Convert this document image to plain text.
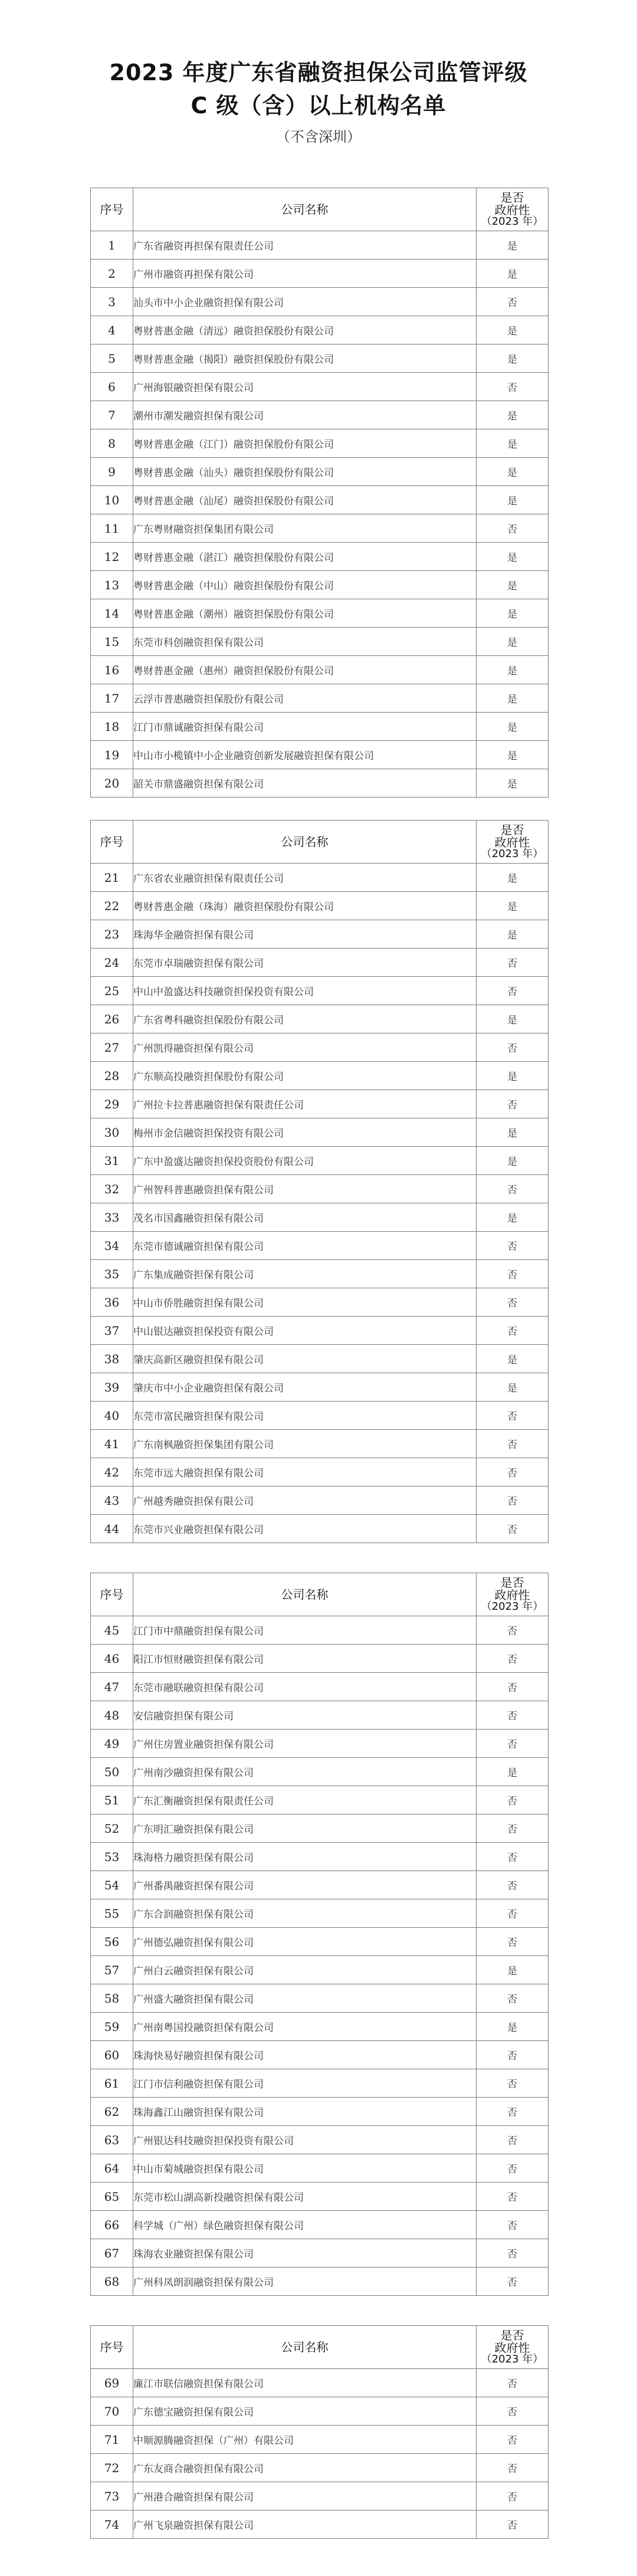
2023 年度广东省融资担保公司监管评级
C 级（含）以上机构名单
（不含深圳）
序号	公司名称	是否
政府性
（2023 年）

1	广东省融资再担保有限责任公司	是
2	广州市融资再担保有限公司	是
3	汕头市中小企业融资担保有限公司	否
4	粤财普惠金融（清远）融资担保股份有限公司	是
5	粤财普惠金融（揭阳）融资担保股份有限公司	是
6	广州海银融资担保有限公司	否
7	潮州市潮发融资担保有限公司	是
8	粤财普惠金融（江门）融资担保股份有限公司	是
9	粤财普惠金融（汕头）融资担保股份有限公司	是
10	粤财普惠金融（汕尾）融资担保股份有限公司	是
11	广东粤财融资担保集团有限公司	否
12	粤财普惠金融（湛江）融资担保股份有限公司	是
13	粤财普惠金融（中山）融资担保股份有限公司	是
14	粤财普惠金融（潮州）融资担保股份有限公司	是
15	东莞市科创融资担保有限公司	是
16	粤财普惠金融（惠州）融资担保股份有限公司	是
17	云浮市普惠融资担保股份有限公司	是
18	江门市鼎诚融资担保有限公司	是
19	中山市小榄镇中小企业融资创新发展融资担保有限公司	是
20	韶关市鼎盛融资担保有限公司	是
序号	公司名称	是否
政府性
（2023 年）

21	广东省农业融资担保有限责任公司	是
22	粤财普惠金融（珠海）融资担保股份有限公司	是
23	珠海华金融资担保有限公司	是
24	东莞市卓瑞融资担保有限公司	否
25	中山中盈盛达科技融资担保投资有限公司	否
26	广东省粤科融资担保股份有限公司	是
27	广州凯得融资担保有限公司	否
28	广东顺高投融资担保股份有限公司	是
29	广州拉卡拉普惠融资担保有限责任公司	否
30	梅州市金信融资担保投资有限公司	是
31	广东中盈盛达融资担保投资股份有限公司	是
32	广州智科普惠融资担保有限公司	否
33	茂名市国鑫融资担保有限公司	是
34	东莞市德诚融资担保有限公司	否
35	广东集成融资担保有限公司	否
36	中山市侨胜融资担保有限公司	否
37	中山银达融资担保投资有限公司	否
38	肇庆高新区融资担保有限公司	是
39	肇庆市中小企业融资担保有限公司	是
40	东莞市富民融资担保有限公司	否
41	广东南枫融资担保集团有限公司	否
42	东莞市远大融资担保有限公司	否
43	广州越秀融资担保有限公司	否
44	东莞市兴业融资担保有限公司	否
序号	公司名称	是否
政府性
（2023 年）

45	江门市中鼎融资担保有限公司	否
46	阳江市恒财融资担保有限公司	否
47	东莞市融联融资担保有限公司	否
48	安信融资担保有限公司	否
49	广州住房置业融资担保有限公司	否
50	广州南沙融资担保有限公司	是
51	广东汇衡融资担保有限责任公司	否
52	广东明汇融资担保有限公司	否
53	珠海格力融资担保有限公司	否
54	广州番禺融资担保有限公司	否
55	广东合润融资担保有限公司	否
56	广州德弘融资担保有限公司	否
57	广州白云融资担保有限公司	是
58	广州盛大融资担保有限公司	否
59	广州南粤国投融资担保有限公司	是
60	珠海快易好融资担保有限公司	否
61	江门市信利融资担保有限公司	否
62	珠海鑫江山融资担保有限公司	否
63	广州银达科技融资担保投资有限公司	否
64	中山市菊城融资担保有限公司	否
65	东莞市松山湖高新投融资担保有限公司	否
66	科学城（广州）绿色融资担保有限公司	否
67	珠海农业融资担保有限公司	否
68	广州科凤朗润融资担保有限公司	否
序号	公司名称	是否
政府性
（2023 年）

69	廉江市联信融资担保有限公司	否
70	广东德宝融资担保有限公司	否
71	中顺源腾融资担保（广州）有限公司	否
72	广东友商合融资担保有限公司	否
73	广州港合融资担保有限公司	否
74	广州飞泉融资担保有限公司	否
